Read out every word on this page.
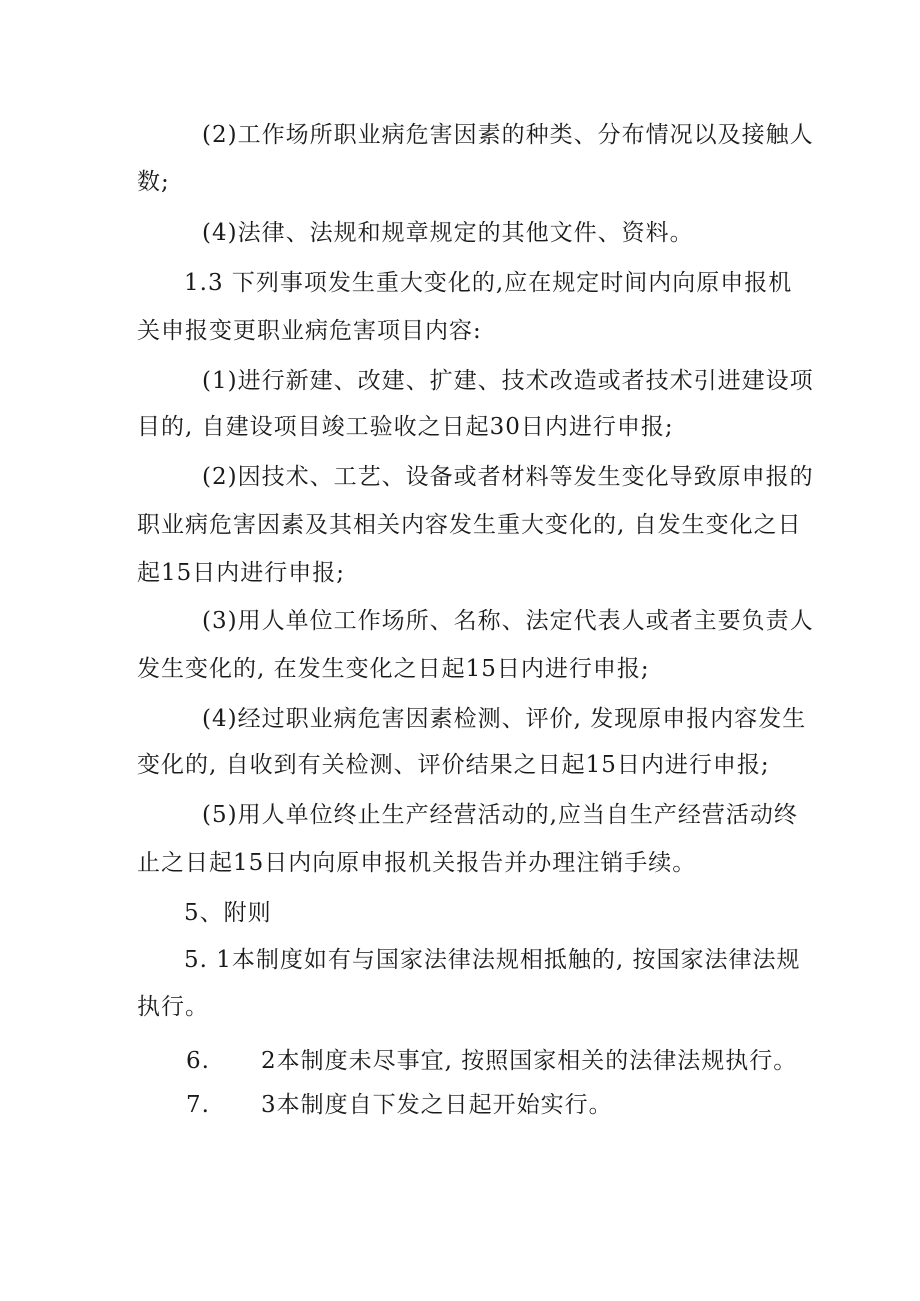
(2)工作场所职业病危害因素的种类、分布情况以及接触人
数;
(4)法律、法规和规章规定的其他文件、资料。
1.3 下列事项发生重大变化的,应在规定时间内向原申报机
关申报变更职业病危害项目内容:
(1)进行新建、改建、扩建、技术改造或者技术引进建设项
目的, 自建设项目竣工验收之日起30日内进行申报;
(2)因技术、工艺、设备或者材料等发生变化导致原申报的
职业病危害因素及其相关内容发生重大变化的, 自发生变化之日
起15日内进行申报;
(3)用人单位工作场所、名称、法定代表人或者主要负责人
发生变化的, 在发生变化之日起15日内进行申报;
(4)经过职业病危害因素检测、评价, 发现原申报内容发生
变化的, 自收到有关检测、评价结果之日起15日内进行申报;
(5)用人单位终止生产经营活动的,应当自生产经营活动终
止之日起15日内向原申报机关报告并办理注销手续。
5、附则
5. 1本制度如有与国家法律法规相抵触的, 按国家法律法规
执行。
6. 2本制度未尽事宜, 按照国家相关的法律法规执行。
7. 3本制度自下发之日起开始实行。
